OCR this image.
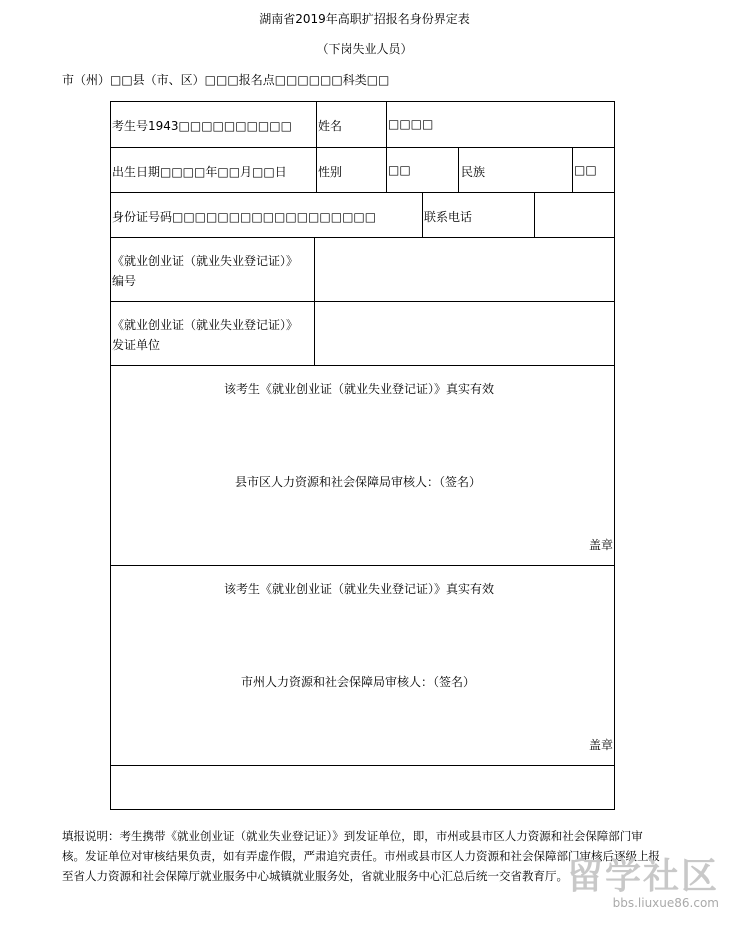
湖南省2019年高职扩招报名身份界定表
（下岗失业人员）
市（州）□□县（市、区）□□□报名点□□□□□□科类□□
考生号1943□□□□□□□□□□ 姓名	□□□□
出生日期□□□□年□□月□□日	性别	□□	民族	□□
身份证号码□□□□□□□□□□□□□□□□□□	联系电话
《就业创业证（就业失业登记证）》
编号
《就业创业证（就业失业登记证）》
发证单位
该考生《就业创业证（就业失业登记证）》真实有效
县市区人力资源和社会保障局审核人：（签名）
盖章
该考生《就业创业证（就业失业登记证）》真实有效
市州人力资源和社会保障局审核人：（签名）
盖章
填报说明：考生携带《就业创业证（就业失业登记证）》到发证单位，即，市州或县市区人力资源和社会保障部门审核。发证单位对审核结果负责，如有弄虚作假，严肃追究责任。市州或县市区人力资源和社会保障部门审核后逐级上报至省人力资源和社会保障厅就业服务中心城镇就业服务处，省就业服务中心汇总后统一交省教育厅。
留学社区
bbs.liuxue86.com
